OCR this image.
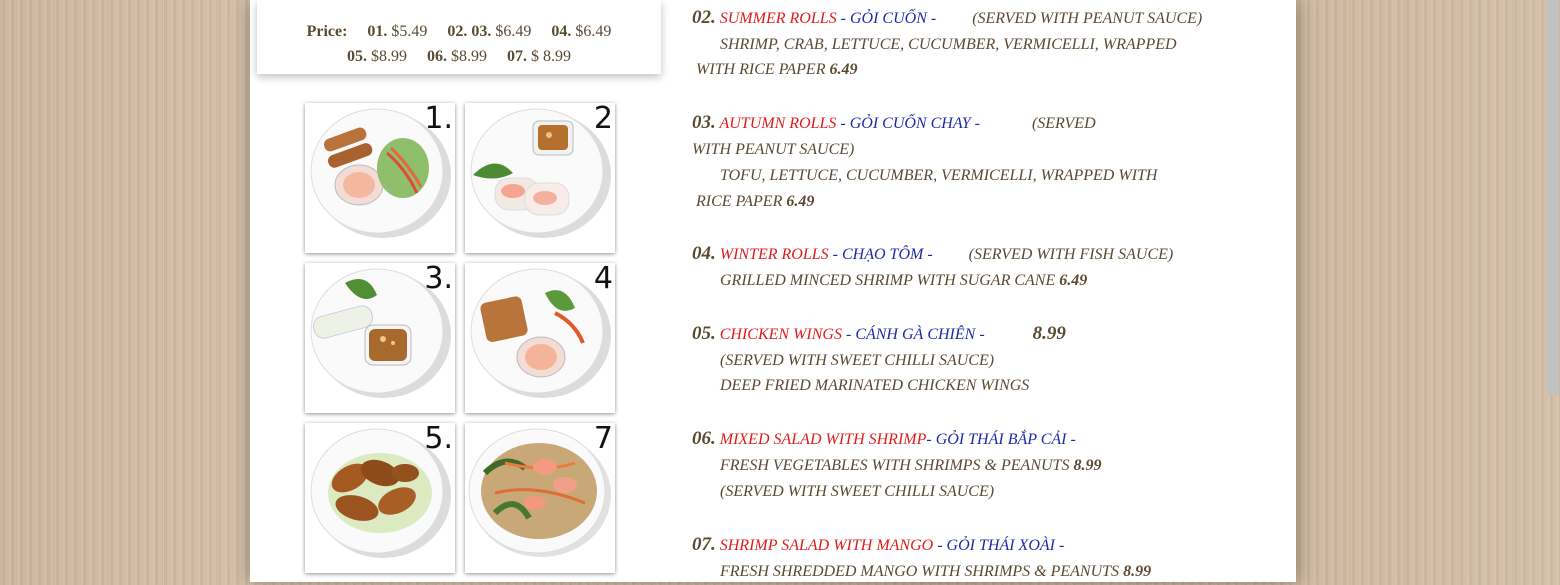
Price: 01. $5.49 02. 03. $6.49 04. $6.49
05. $8.99 06. $8.99 07. $ 8.99
1.	2
3.	4
5.	7
02. SUMMER ROLLS - GỎI CUỐN - (SERVED WITH PEANUT SAUCE)
SHRIMP, CRAB, LETTUCE, CUCUMBER, VERMICELLI, WRAPPED
WITH RICE PAPER 6.49
03. AUTUMN ROLLS - GỎI CUỐN CHAY -	(SERVED
WITH PEANUT SAUCE)
TOFU, LETTUCE, CUCUMBER, VERMICELLI, WRAPPED WITH
RICE PAPER 6.49
04. WINTER ROLLS - CHẠO TÔM - (SERVED WITH FISH SAUCE)
GRILLED MINCED SHRIMP WITH SUGAR CANE 6.49
05. CHICKEN WINGS - CÁNH GÀ CHIÊN -	8.99
(SERVED WITH SWEET CHILLI SAUCE)
DEEP FRIED MARINATED CHICKEN WINGS
06. MIXED SALAD WITH SHRIMP- GỎI THÁI BẮP CẢI -
FRESH VEGETABLES WITH SHRIMPS & PEANUTS 8.99
(SERVED WITH SWEET CHILLI SAUCE)
07. SHRIMP SALAD WITH MANGO - GỎI THÁI XOÀI -
FRESH SHREDDED MANGO WITH SHRIMPS & PEANUTS 8.99
